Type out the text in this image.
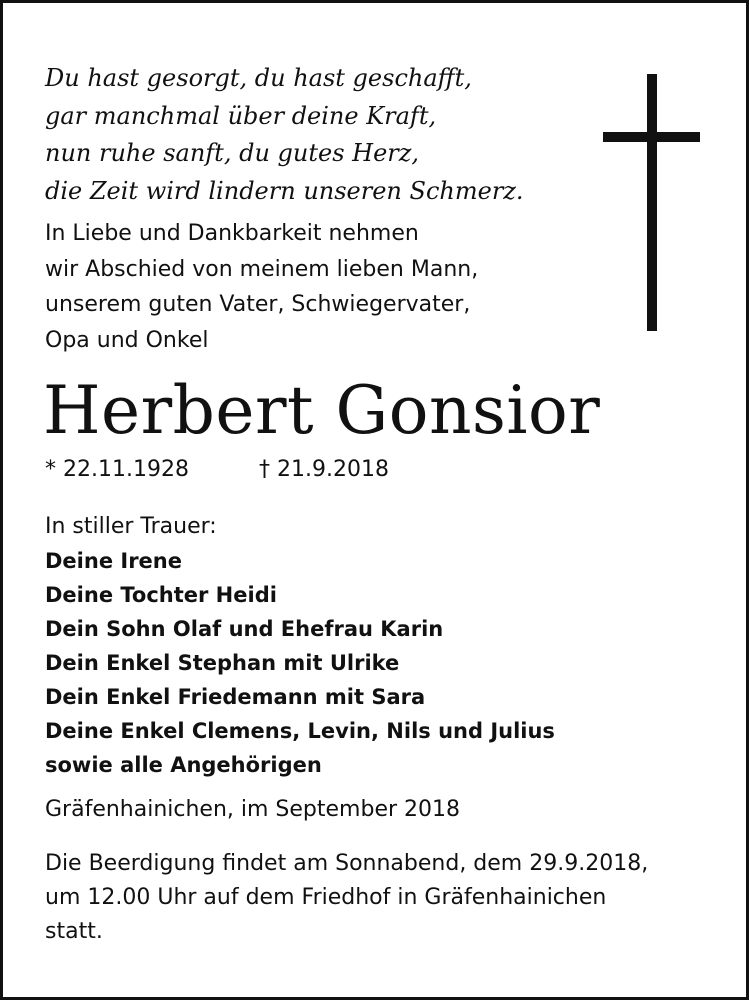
Du hast gesorgt, du hast geschafft,
gar manchmal über deine Kraft,
nun ruhe sanft, du gutes Herz,
die Zeit wird lindern unseren Schmerz.
In Liebe und Dankbarkeit nehmen
wir Abschied von meinem lieben Mann,
unserem guten Vater, Schwiegervater,
Opa und Onkel
Herbert Gonsior
* 22.11.1928	† 21.9.2018
In stiller Trauer:
Deine Irene
Deine Tochter Heidi
Dein Sohn Olaf und Ehefrau Karin
Dein Enkel Stephan mit Ulrike
Dein Enkel Friedemann mit Sara
Deine Enkel Clemens, Levin, Nils und Julius
sowie alle Angehörigen
Gräfenhainichen, im September 2018
Die Beerdigung findet am Sonnabend, dem 29.9.2018,
um 12.00 Uhr auf dem Friedhof in Gräfenhainichen
statt.
